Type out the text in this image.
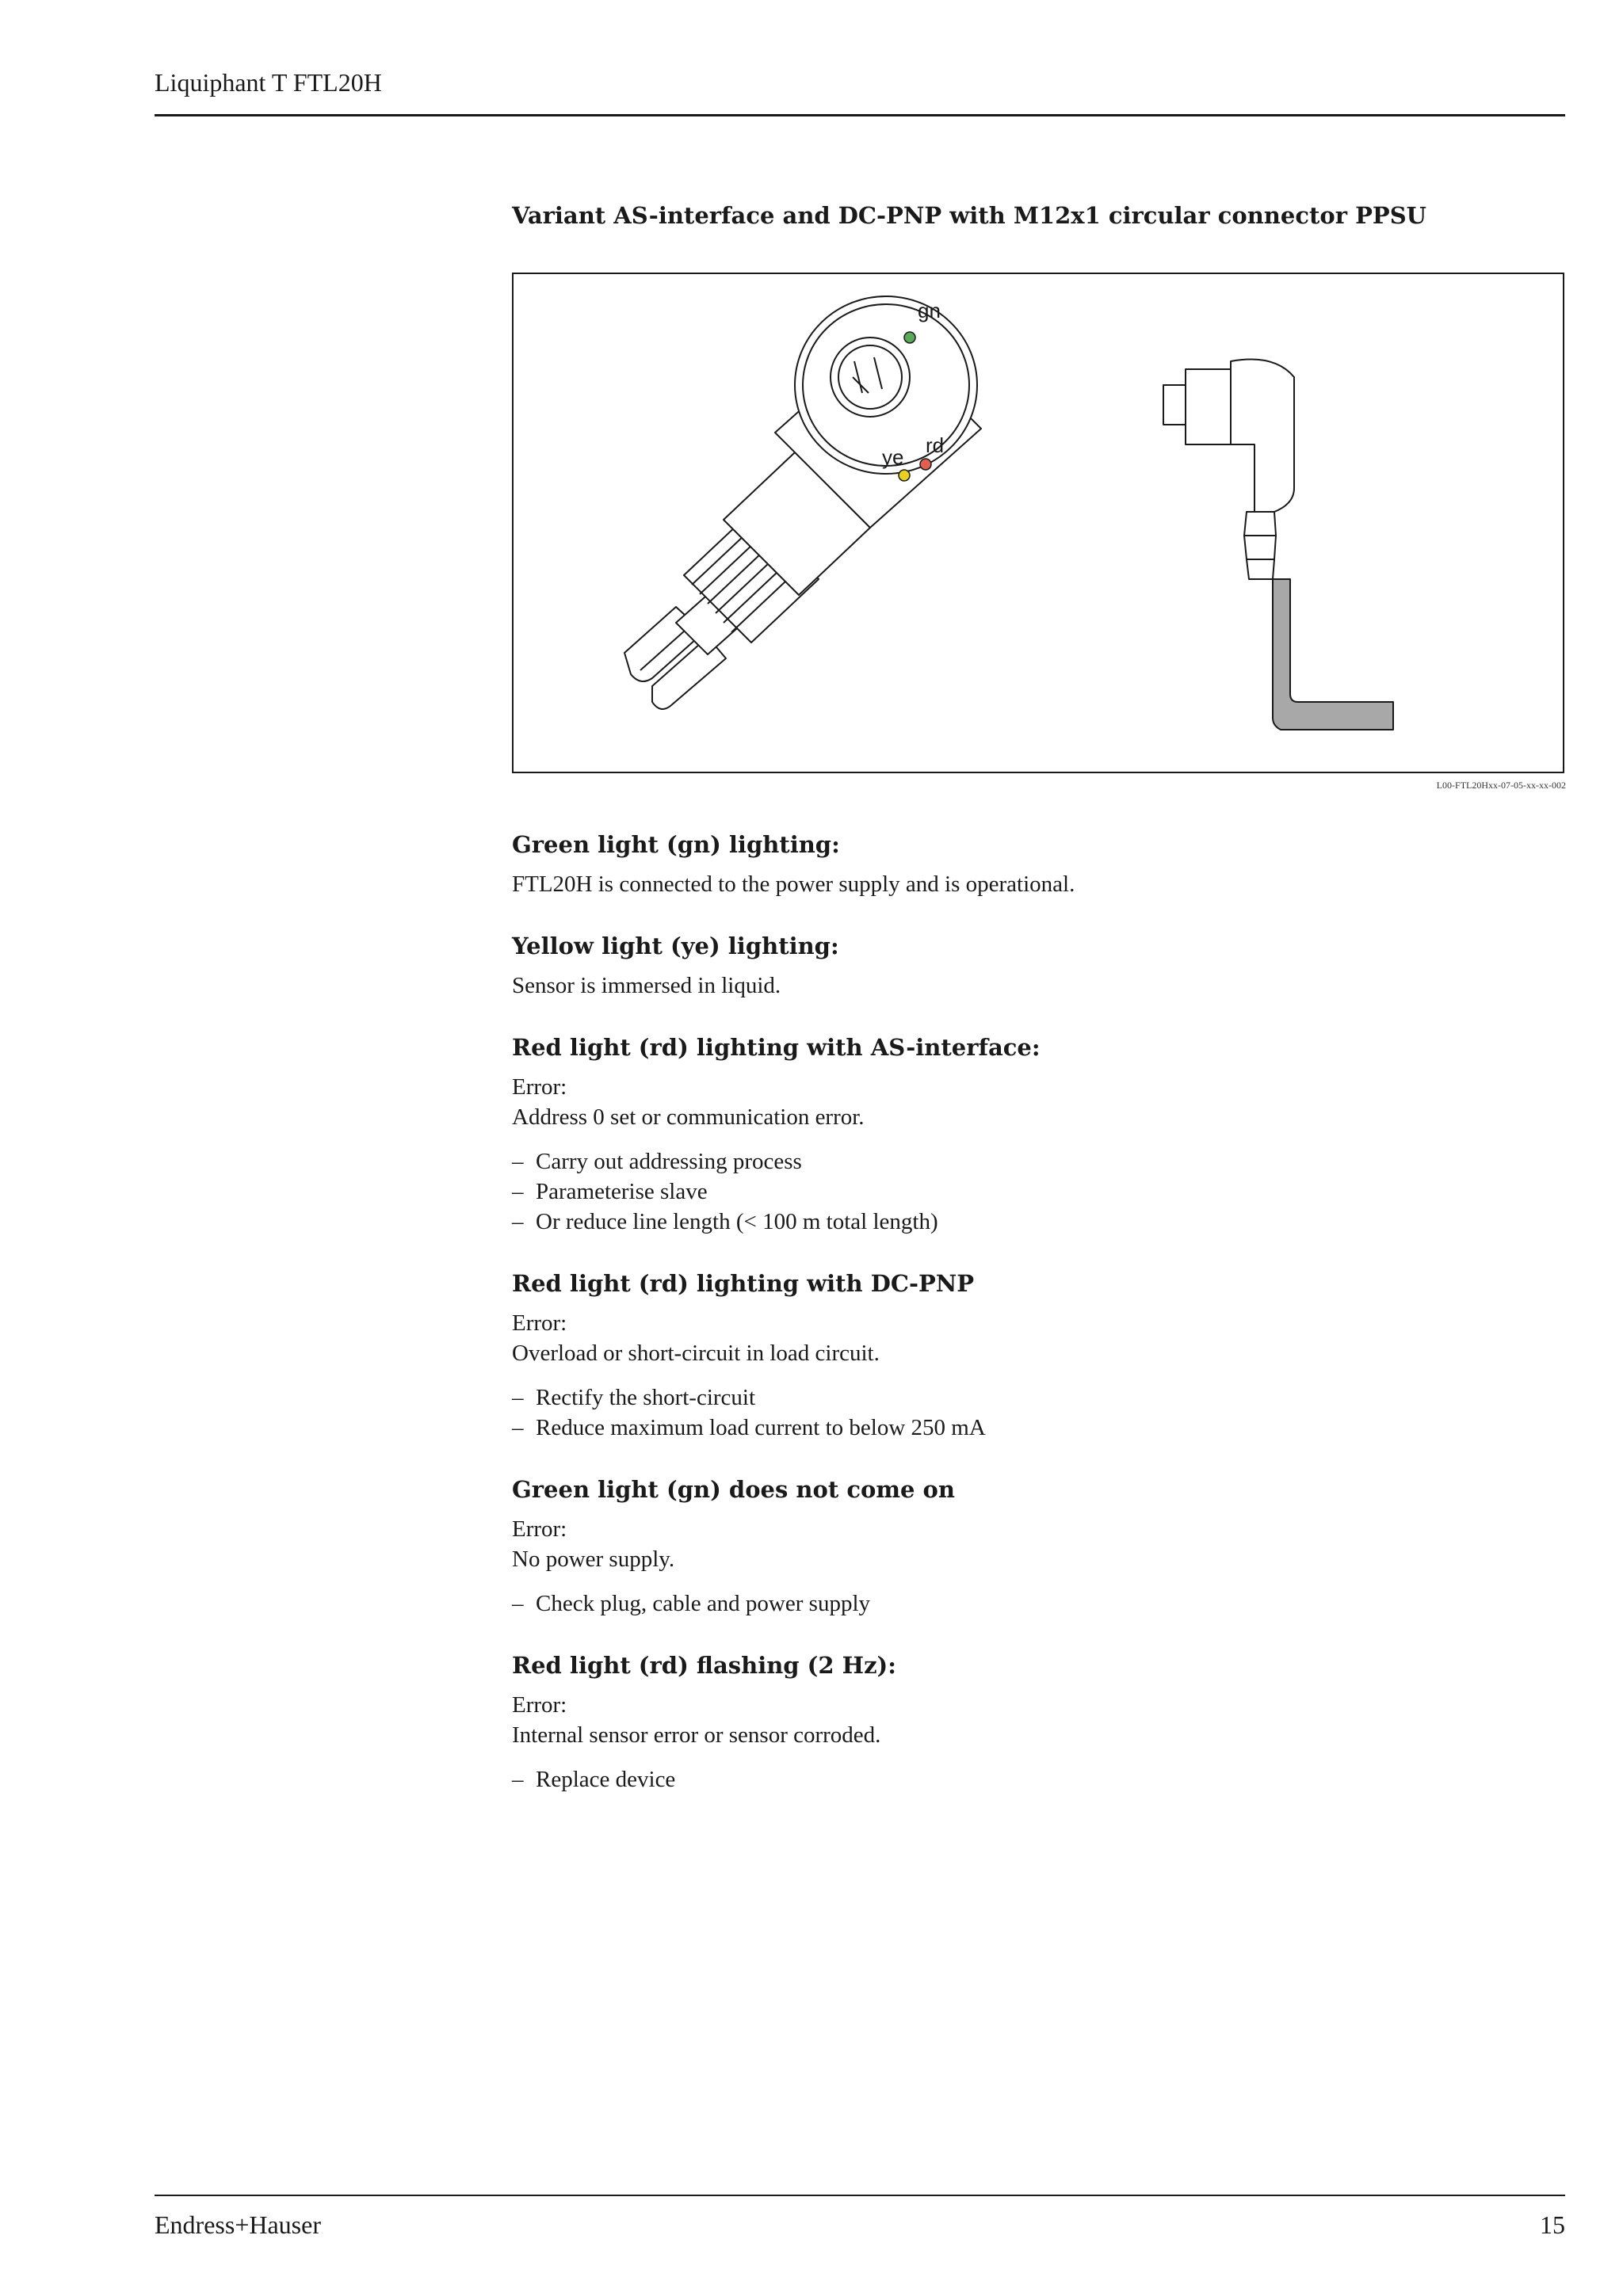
Liquiphant T FTL20H
Variant AS-interface and DC-PNP with M12x1 circular connector PPSU
gn
rd
ye
L00-FTL20Hxx-07-05-xx-xx-002
Green light (gn) lighting:
FTL20H is connected to the power supply and is operational.
Yellow light (ye) lighting:
Sensor is immersed in liquid.
Red light (rd) lighting with AS-interface:
Error:
Address 0 set or communication error.
– Carry out addressing process
– Parameterise slave
– Or reduce line length (< 100 m total length)
Red light (rd) lighting with DC-PNP
Error:
Overload or short-circuit in load circuit.
– Rectify the short-circuit
– Reduce maximum load current to below 250 mA
Green light (gn) does not come on
Error:
No power supply.
– Check plug, cable and power supply
Red light (rd) flashing (2 Hz):
Error:
Internal sensor error or sensor corroded.
– Replace device
Endress+Hauser	15
